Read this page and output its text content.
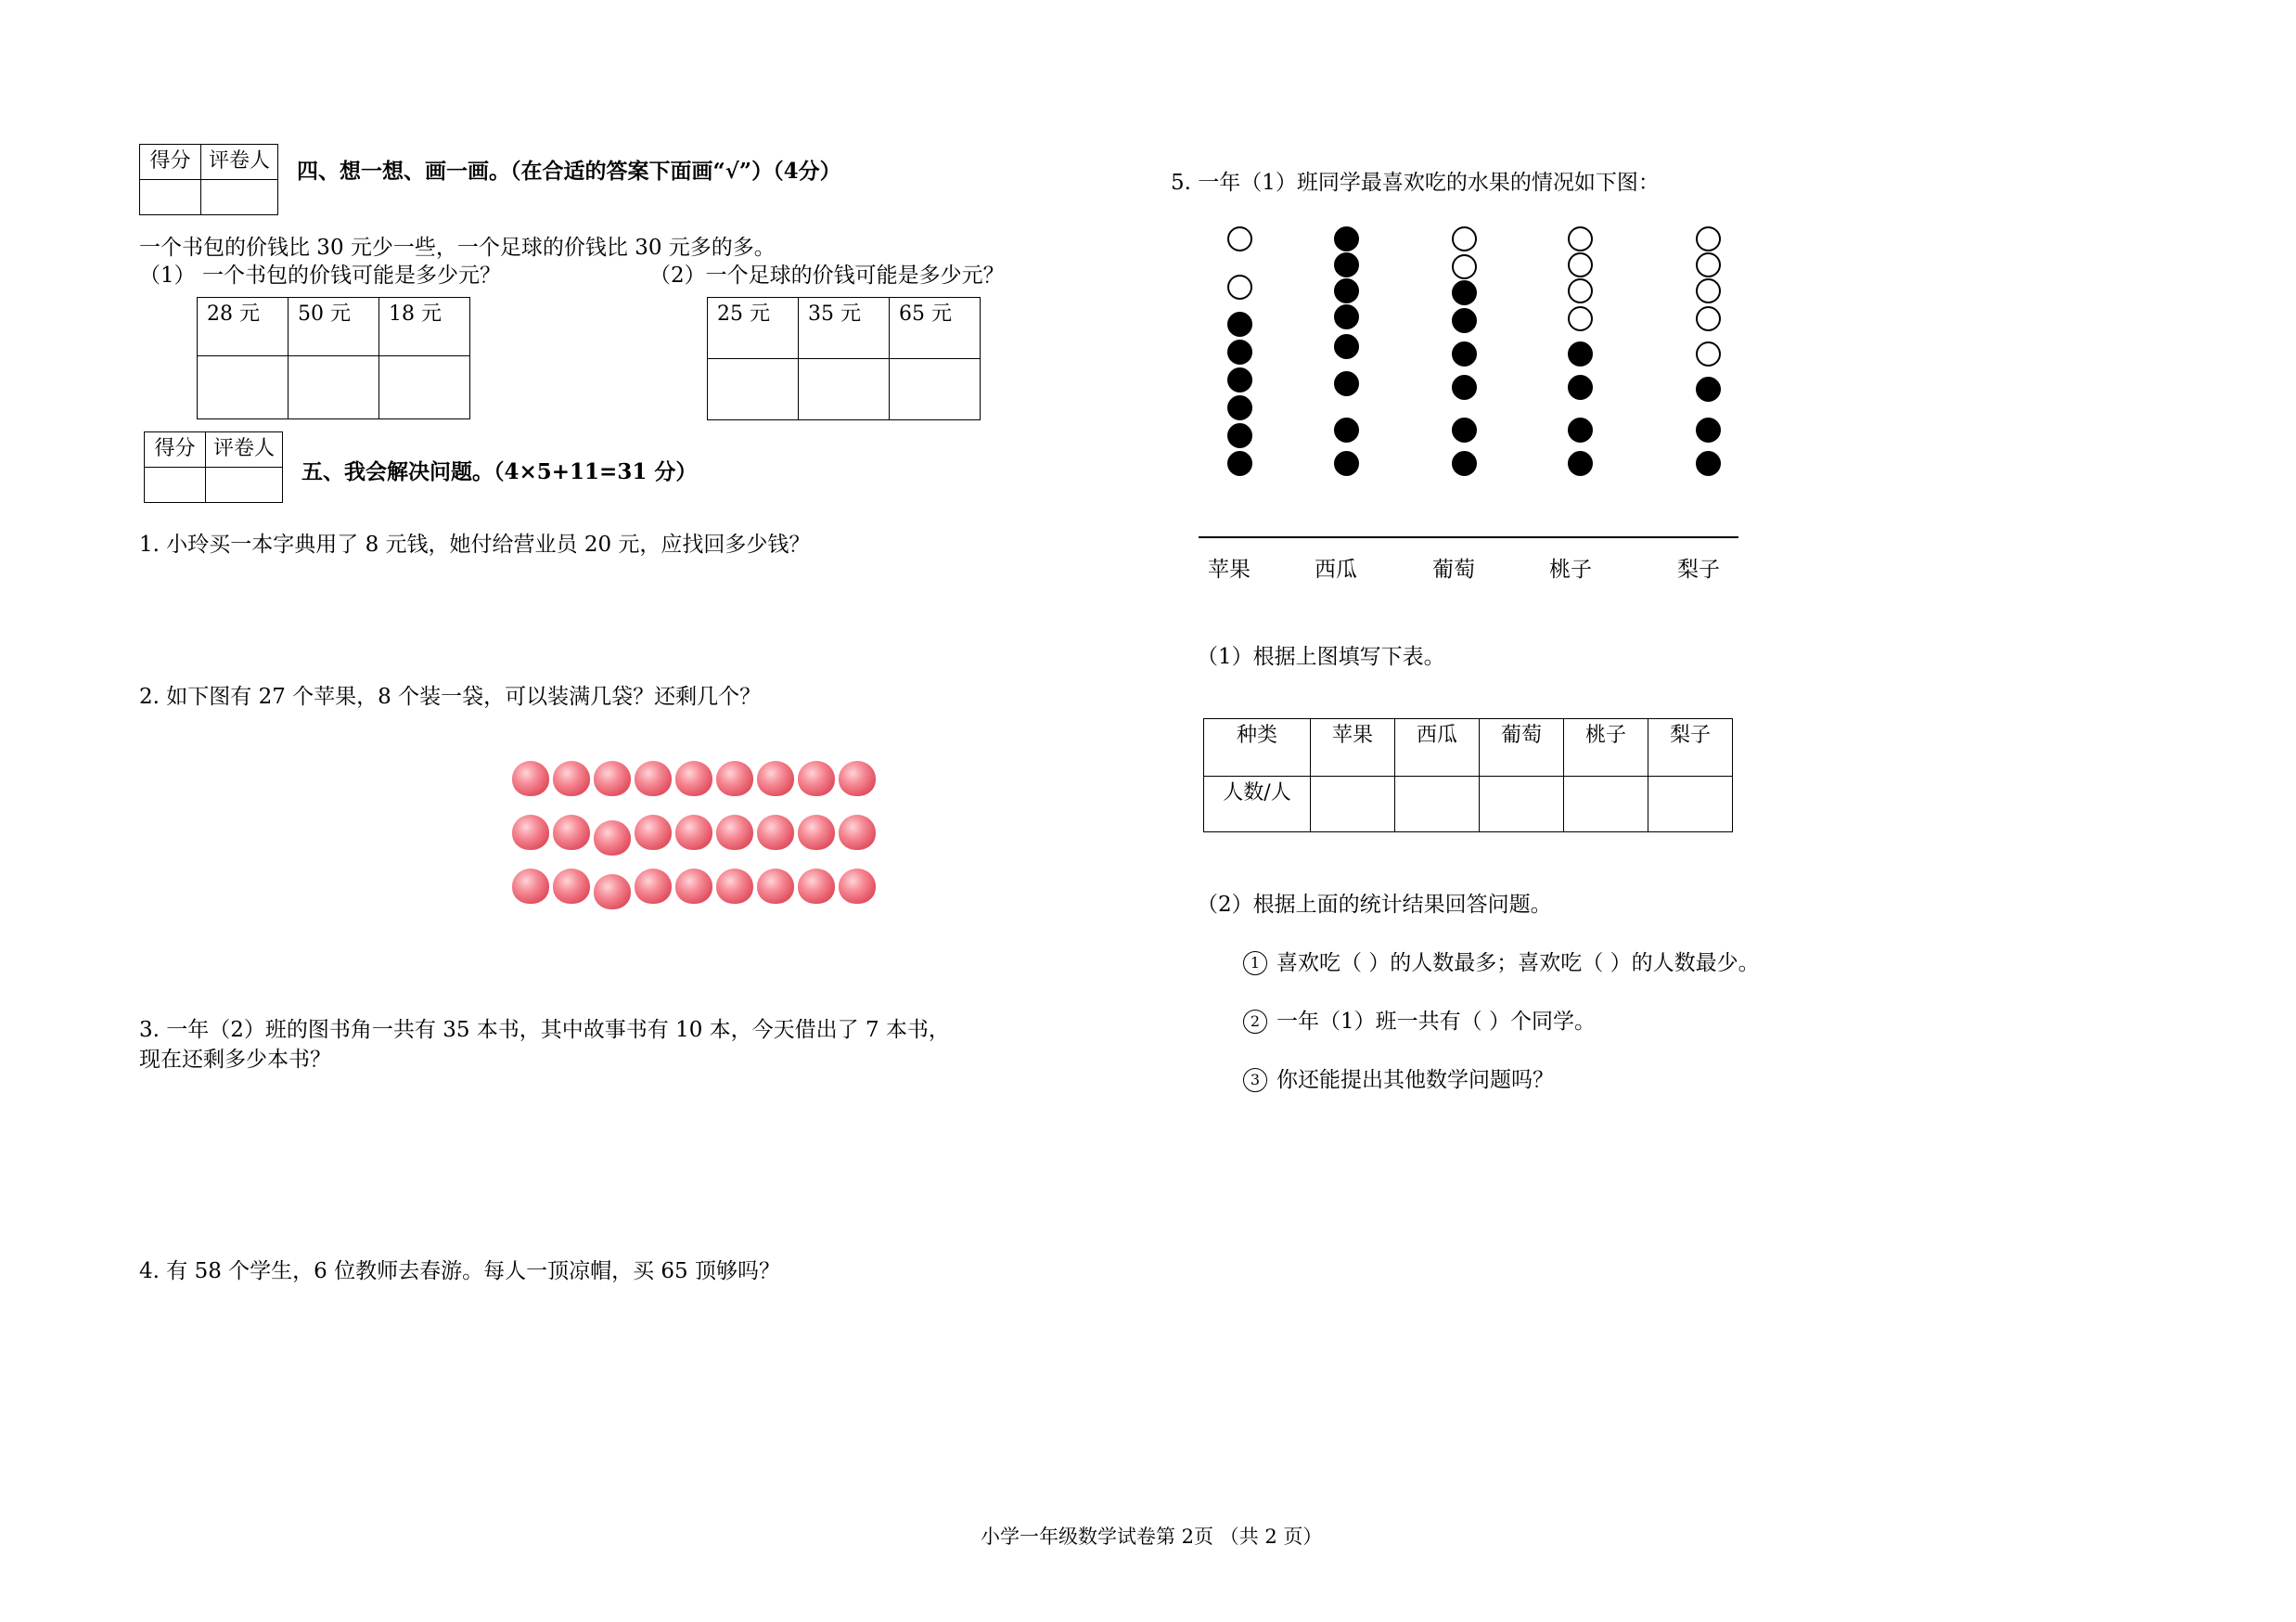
得分	评卷人
	四、想一想、画一画。（在合适的答案下面画“√”）（4分）
一个书包的价钱比 30 元少一些，一个足球的价钱比 30 元多的多。
（1） 一个书包的价钱可能是多少元？	（2）一个足球的价钱可能是多少元？
28 元	50 元	18 元
			25 元	35 元	65 元

得分	评卷人

五、我会解决问题。（4×5+11=31 分）
1. 小玲买一本字典用了 8 元钱，她付给营业员 20 元，应找回多少钱？
2. 如下图有 27 个苹果，8 个装一袋，可以装满几袋？还剩几个？
3. 一年（2）班的图书角一共有 35 本书，其中故事书有 10 本，今天借出了 7 本书，
现在还剩多少本书？
4. 有 58 个学生，6 位教师去春游。每人一顶凉帽，买 65 顶够吗？
5. 一年（1）班同学最喜欢吃的水果的情况如下图：
苹果	西瓜	葡萄	桃子	梨子
（1）根据上图填写下表。
种类	苹果	西瓜	葡萄	桃子	梨子
人数/人					
（2）根据上面的统计结果回答问题。
1 喜欢吃（ ）的人数最多；喜欢吃（ ）的人数最少。
2 一年（1）班一共有（ ）个同学。
3 你还能提出其他数学问题吗？
小学一年级数学试卷第 2页 （共 2 页）
